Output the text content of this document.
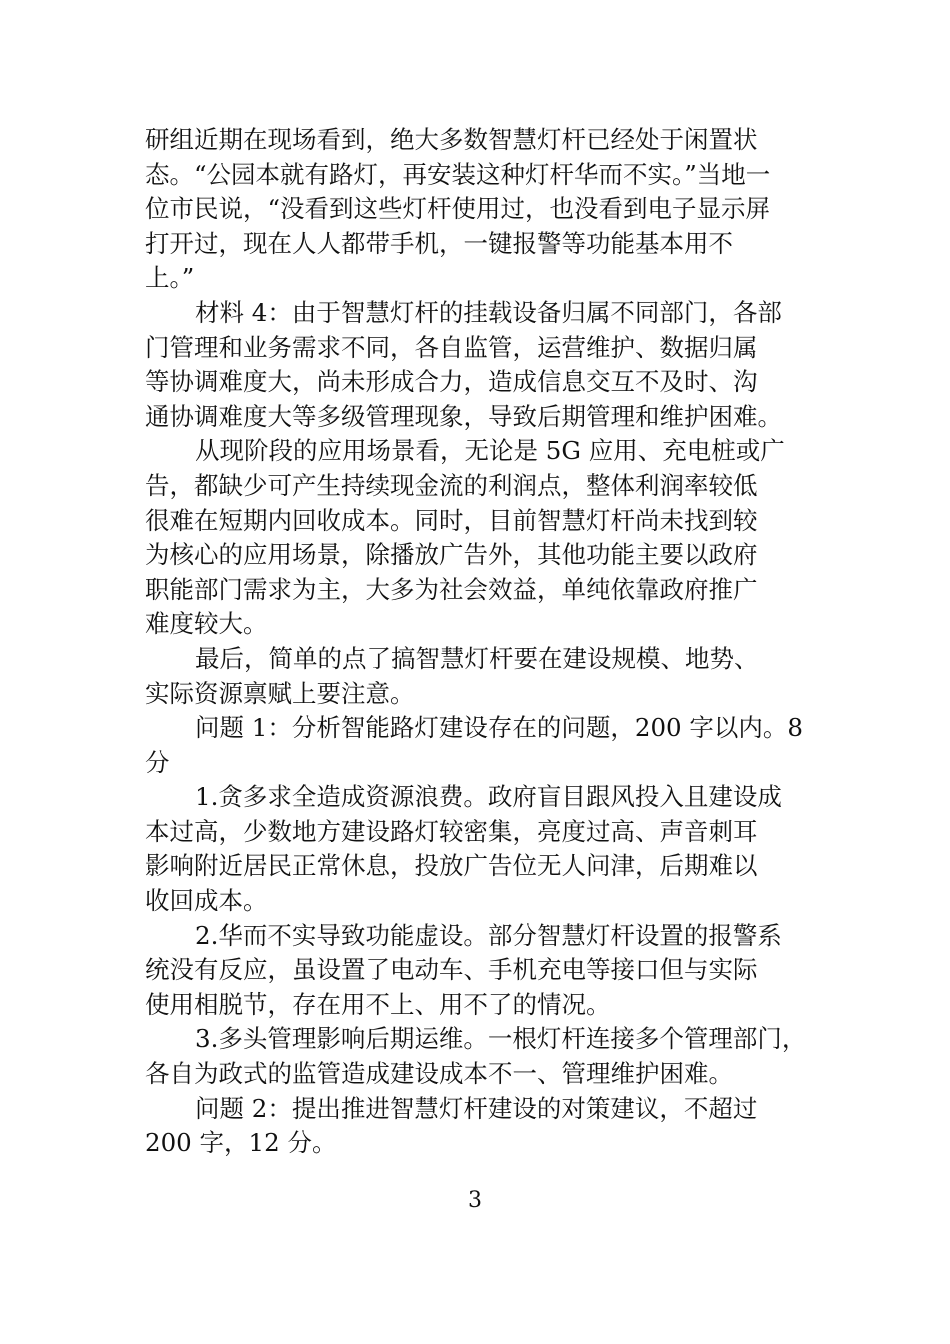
研组近期在现场看到，绝大多数智慧灯杆已经处于闲置状
态。“公园本就有路灯，再安装这种灯杆华而不实。”当地一
位市民说，“没看到这些灯杆使用过，也没看到电子显示屏
打开过，现在人人都带手机，一键报警等功能基本用不
上。”
材料 4：由于智慧灯杆的挂载设备归属不同部门，各部
门管理和业务需求不同，各自监管，运营维护、数据归属
等协调难度大，尚未形成合力，造成信息交互不及时、沟
通协调难度大等多级管理现象，导致后期管理和维护困难。
从现阶段的应用场景看，无论是 5G 应用、充电桩或广
告，都缺少可产生持续现金流的利润点，整体利润率较低
很难在短期内回收成本。同时，目前智慧灯杆尚未找到较
为核心的应用场景，除播放广告外，其他功能主要以政府
职能部门需求为主，大多为社会效益，单纯依靠政府推广
难度较大。
最后，简单的点了搞智慧灯杆要在建设规模、地势、
实际资源禀赋上要注意。
问题 1：分析智能路灯建设存在的问题，200 字以内。8
分
1.贪多求全造成资源浪费。政府盲目跟风投入且建设成
本过高，少数地方建设路灯较密集，亮度过高、声音刺耳
影响附近居民正常休息，投放广告位无人问津，后期难以
收回成本。
2.华而不实导致功能虚设。部分智慧灯杆设置的报警系
统没有反应，虽设置了电动车、手机充电等接口但与实际
使用相脱节，存在用不上、用不了的情况。
3.多头管理影响后期运维。一根灯杆连接多个管理部门，
各自为政式的监管造成建设成本不一、管理维护困难。
问题 2：提出推进智慧灯杆建设的对策建议，不超过
200 字，12 分。
3
